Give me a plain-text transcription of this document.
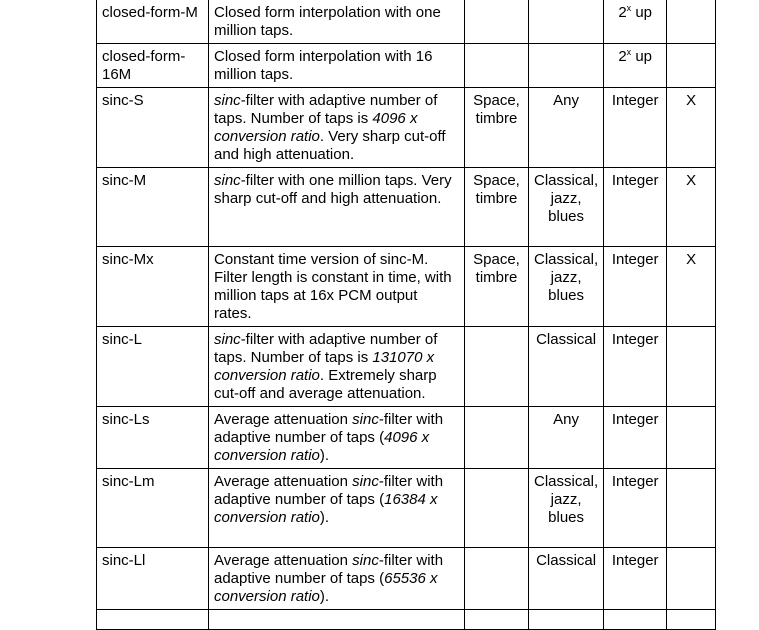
closed-form-M	Closed form interpolation with one million taps.			2$^x$ up	
closed-form-16M	Closed form interpolation with 16 million taps.			2$^x$ up	
sinc-S	sinc-filter with adaptive number of taps. Number of taps is 4096 x conversion ratio. Very sharp cut-off and high attenuation.	Space, timbre	Any	Integer	X
sinc-M	sinc-filter with one million taps. Very sharp cut-off and high attenuation.	Space, timbre	Classical, jazz, blues	Integer	X
sinc-Mx	Constant time version of sinc-M. Filter length is constant in time, with million taps at 16x PCM output rates.	Space, timbre	Classical, jazz, blues	Integer	X
sinc-L	sinc-filter with adaptive number of taps. Number of taps is 131070 x conversion ratio. Extremely sharp cut-off and average attenuation.		Classical	Integer	
sinc-Ls	Average attenuation sinc-filter with adaptive number of taps (4096 x conversion ratio).		Any	Integer	
sinc-Lm	Average attenuation sinc-filter with adaptive number of taps (16384 x conversion ratio).		Classical, jazz, blues	Integer	
sinc-Ll	Average attenuation sinc-filter with adaptive number of taps (65536 x conversion ratio).		Classical	Integer	
